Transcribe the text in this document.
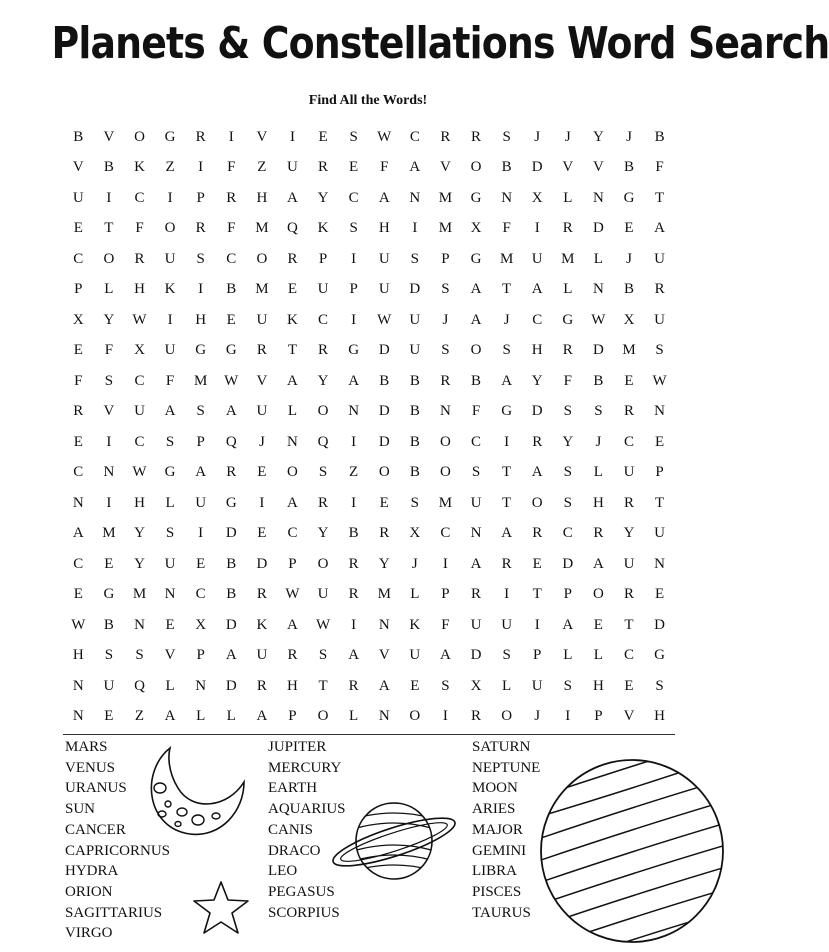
Planets & Constellations Word Search
Find All the Words!
B	V	O	G	R	I	V	I	E	S	W	C	R	R	S	J	J	Y	J	B
V	B	K	Z	I	F	Z	U	R	E	F	A	V	O	B	D	V	V	B	F
U	I	C	I	P	R	H	A	Y	C	A	N	M	G	N	X	L	N	G	T
E	T	F	O	R	F	M	Q	K	S	H	I	M	X	F	I	R	D	E	A
C	O	R	U	S	C	O	R	P	I	U	S	P	G	M	U	M	L	J	U
P	L	H	K	I	B	M	E	U	P	U	D	S	A	T	A	L	N	B	R
X	Y	W	I	H	E	U	K	C	I	W	U	J	A	J	C	G	W	X	U
E	F	X	U	G	G	R	T	R	G	D	U	S	O	S	H	R	D	M	S
F	S	C	F	M	W	V	A	Y	A	B	B	R	B	A	Y	F	B	E	W
R	V	U	A	S	A	U	L	O	N	D	B	N	F	G	D	S	S	R	N
E	I	C	S	P	Q	J	N	Q	I	D	B	O	C	I	R	Y	J	C	E
C	N	W	G	A	R	E	O	S	Z	O	B	O	S	T	A	S	L	U	P
N	I	H	L	U	G	I	A	R	I	E	S	M	U	T	O	S	H	R	T
A	M	Y	S	I	D	E	C	Y	B	R	X	C	N	A	R	C	R	Y	U
C	E	Y	U	E	B	D	P	O	R	Y	J	I	A	R	E	D	A	U	N
E	G	M	N	C	B	R	W	U	R	M	L	P	R	I	T	P	O	R	E
W	B	N	E	X	D	K	A	W	I	N	K	F	U	U	I	A	E	T	D
H	S	S	V	P	A	U	R	S	A	V	U	A	D	S	P	L	L	C	G
N	U	Q	L	N	D	R	H	T	R	A	E	S	X	L	U	S	H	E	S
N	E	Z	A	L	L	A	P	O	L	N	O	I	R	O	J	I	P	V	H
MARS
VENUS
URANUS
SUN
CANCER
CAPRICORNUS
HYDRA
ORION
SAGITTARIUS
VIRGO
JUPITER
MERCURY
EARTH
AQUARIUS
CANIS
DRACO
LEO
PEGASUS
SCORPIUS
SATURN
NEPTUNE
MOON
ARIES
MAJOR
GEMINI
LIBRA
PISCES
TAURUS
